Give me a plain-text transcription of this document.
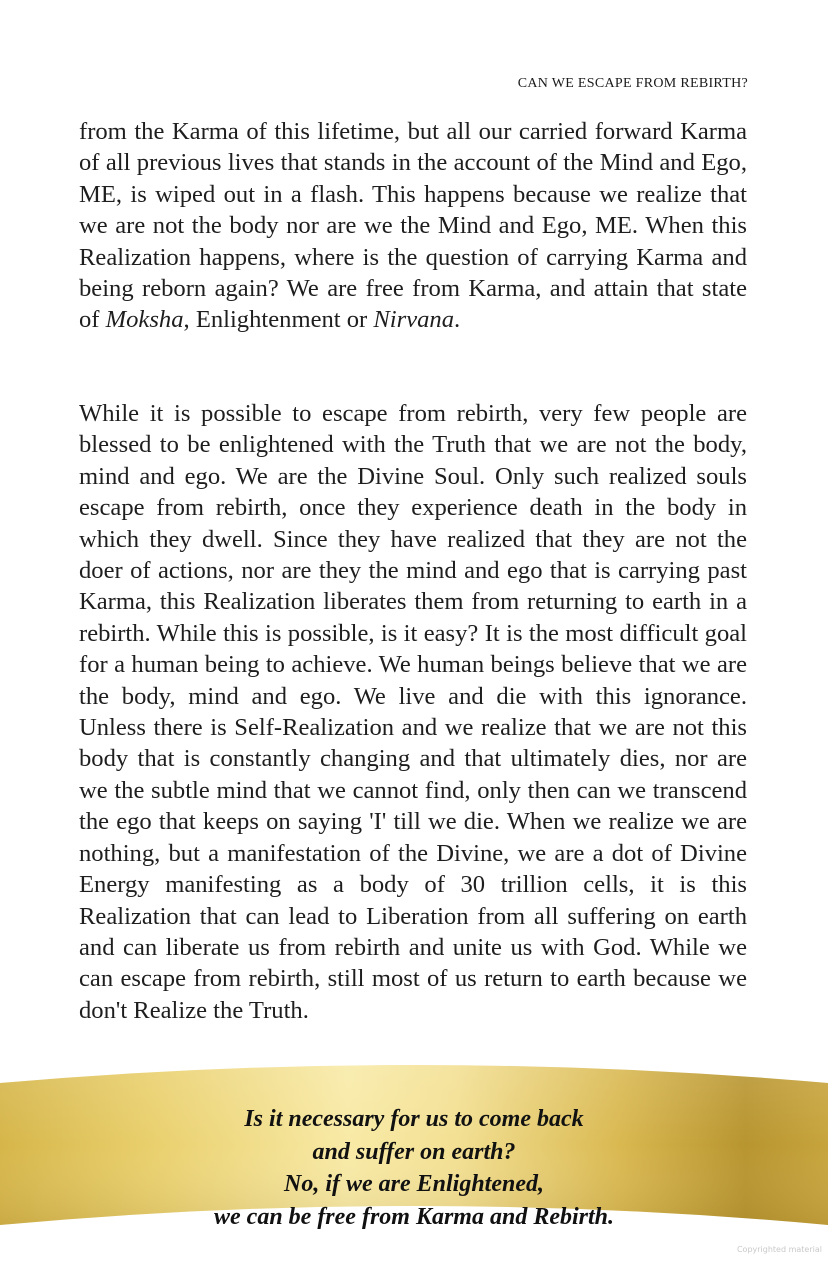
CAN WE ESCAPE FROM REBIRTH?
from the Karma of this lifetime, but all our carried forward Karma of all previous lives that stands in the account of the Mind and Ego, ME, is wiped out in a flash. This happens because we realize that we are not the body nor are we the Mind and Ego, ME. When this Realization happens, where is the question of carrying Karma and being reborn again? We are free from Karma, and attain that state of Moksha, Enlightenment or Nirvana.
While it is possible to escape from rebirth, very few people are blessed to be enlightened with the Truth that we are not the body, mind and ego. We are the Divine Soul. Only such realized souls escape from rebirth, once they experience death in the body in which they dwell. Since they have realized that they are not the doer of actions, nor are they the mind and ego that is carrying past Karma, this Realization liberates them from returning to earth in a rebirth. While this is possible, is it easy? It is the most difficult goal for a human being to achieve. We human beings believe that we are the body, mind and ego. We live and die with this ignorance. Unless there is Self-Realization and we realize that we are not this body that is constantly changing and that ultimately dies, nor are we the subtle mind that we cannot find, only then can we transcend the ego that keeps on saying 'I' till we die. When we realize we are nothing, but a manifestation of the Divine, we are a dot of Divine Energy manifesting as a body of 30 trillion cells, it is this Realization that can lead to Liberation from all suffering on earth and can liberate us from rebirth and unite us with God. While we can escape from rebirth, still most of us return to earth because we don't Realize the Truth.
Is it necessary for us to come back
and suffer on earth?
No, if we are Enlightened,
we can be free from Karma and Rebirth.
Copyrighted material
